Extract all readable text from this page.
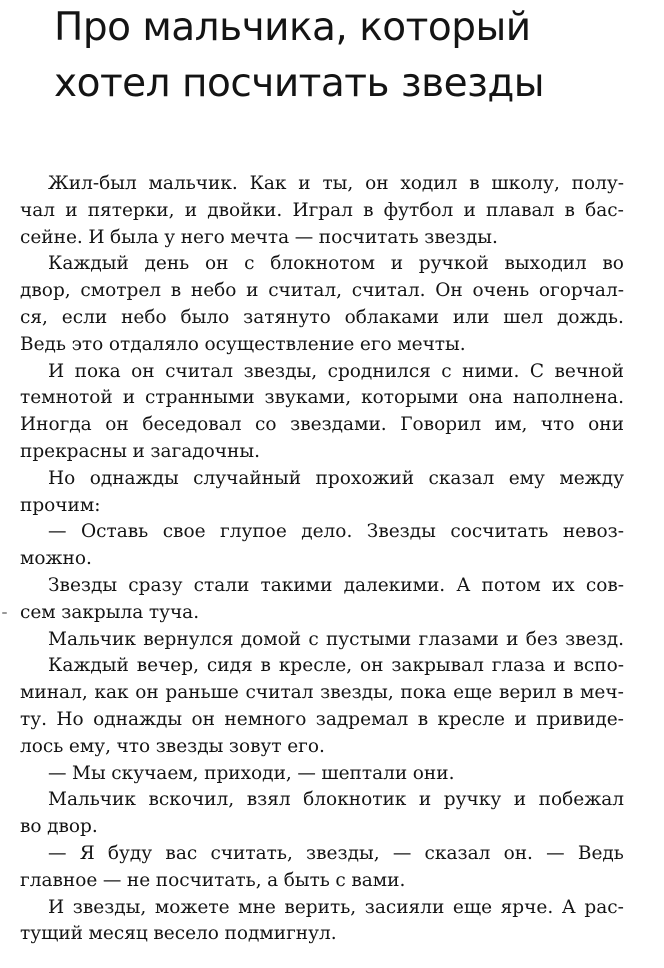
Про мальчика, который
хотел посчитать звезды
Жил-был мальчик. Как и ты, он ходил в школу, полу-
чал и пятерки, и двойки. Играл в футбол и плавал в бас-
сейне. И была у него мечта — посчитать звезды.
Каждый день он с блокнотом и ручкой выходил во
двор, смотрел в небо и считал, считал. Он очень огорчал-
ся, если небо было затянуто облаками или шел дождь.
Ведь это отдаляло осуществление его мечты.
И пока он считал звезды, сроднился с ними. С вечной
темнотой и странными звуками, которыми она наполнена.
Иногда он беседовал со звездами. Говорил им, что они
прекрасны и загадочны.
Но однажды случайный прохожий сказал ему между
прочим:
— Оставь свое глупое дело. Звезды сосчитать невоз-
можно.
Звезды сразу стали такими далекими. А потом их сов-
сем закрыла туча.
Мальчик вернулся домой с пустыми глазами и без звезд.
Каждый вечер, сидя в кресле, он закрывал глаза и вспо-
минал, как он раньше считал звезды, пока еще верил в меч-
ту. Но однажды он немного задремал в кресле и привиде-
лось ему, что звезды зовут его.
— Мы скучаем, приходи, — шептали они.
Мальчик вскочил, взял блокнотик и ручку и побежал
во двор.
— Я буду вас считать, звезды, — сказал он. — Ведь
главное — не посчитать, а быть с вами.
И звезды, можете мне верить, засияли еще ярче. А рас-
тущий месяц весело подмигнул.
